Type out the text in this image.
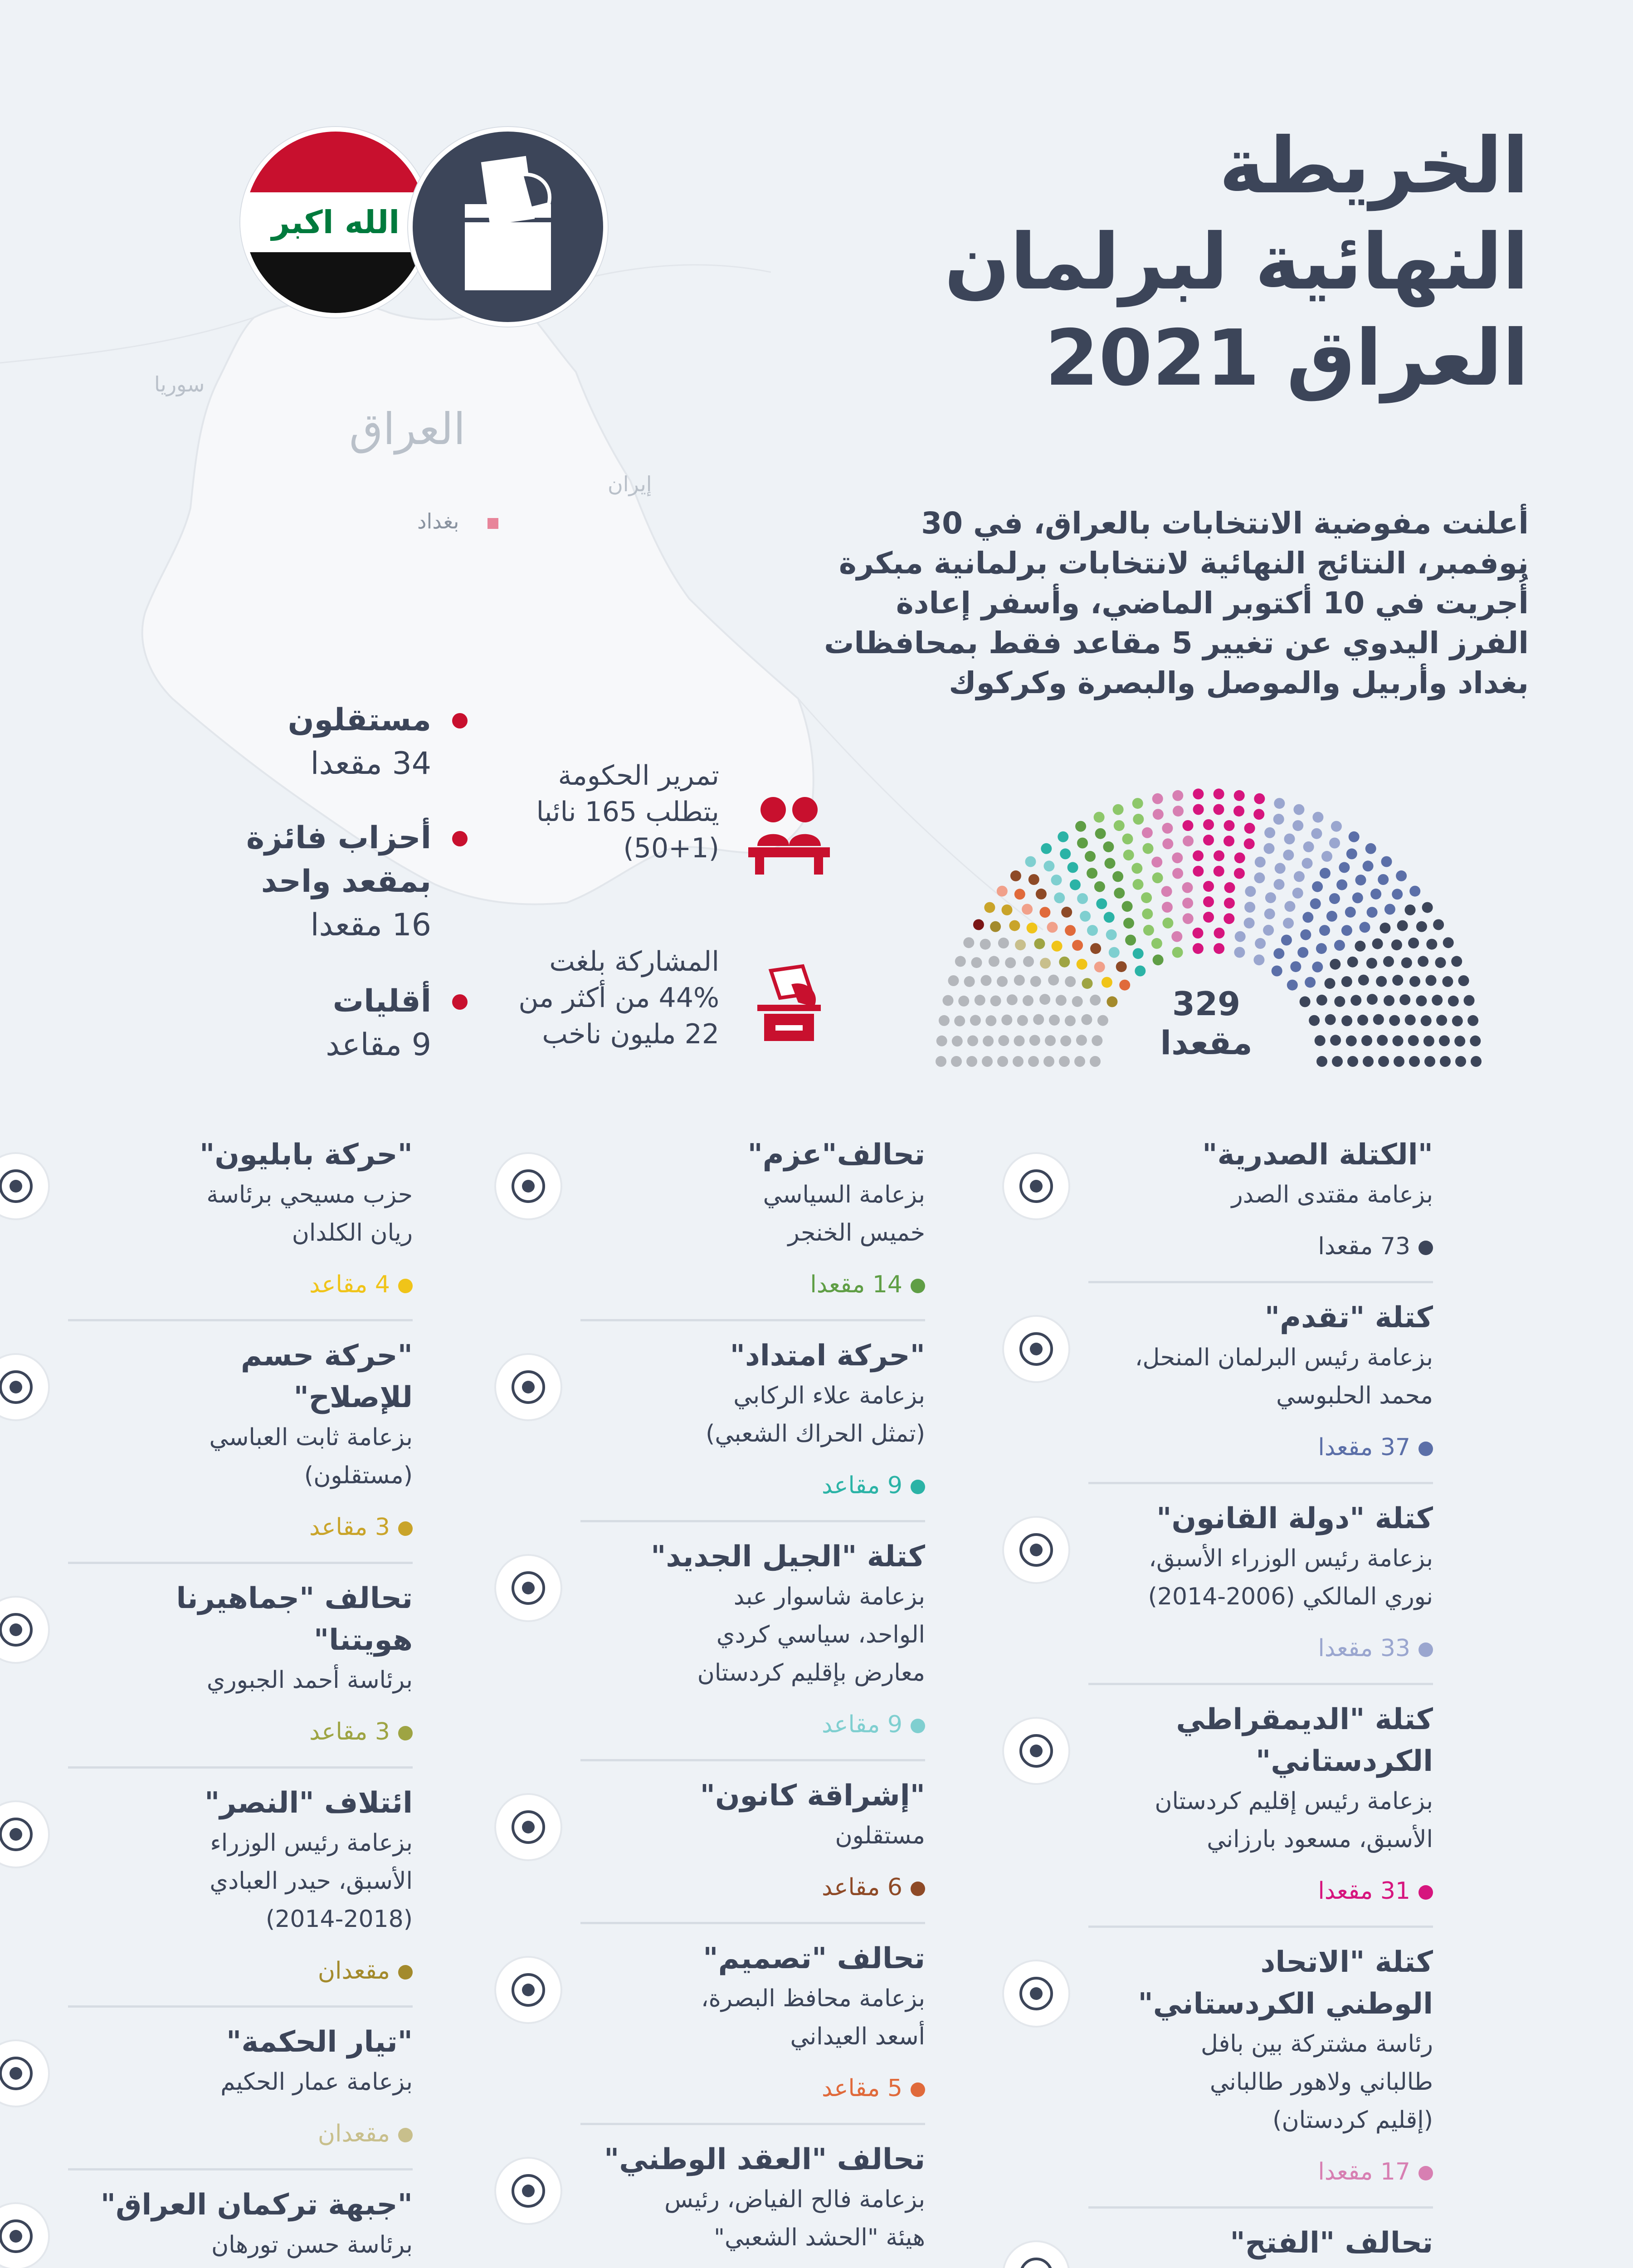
العراق
سوريا
إيران
بغداد
الله اكبر
الخريطة
النهائية لبرلمان
العراق 2021
أعلنت مفوضية الانتخابات بالعراق، في 30
نوفمبر، النتائج النهائية لانتخابات برلمانية مبكرة
أُجريت في 10 أكتوبر الماضي، وأسفر إعادة
الفرز اليدوي عن تغيير 5 مقاعد فقط بمحافظات
بغداد وأربيل والموصل والبصرة وكركوك
مستقلون
34 مقعدا
أحزاب فائزة
بمقعد واحد
16 مقعدا
أقليات
9 مقاعد
تمرير الحكومة
يتطلب 165 نائبا
(50+1)
المشاركة بلغت
44% من أكثر من
22 مليون ناخب
329
مقعدا
"الكتلة الصدرية"
بزعامة مقتدى الصدر
73 مقعدا
كتلة "تقدم"
بزعامة رئيس البرلمان المنحل،
محمد الحلبوسي
37 مقعدا
كتلة "دولة القانون"
بزعامة رئيس الوزراء الأسبق،
نوري المالكي (2006-2014)
33 مقعدا
كتلة "الديمقراطي
الكردستاني"
بزعامة رئيس إقليم كردستان
الأسبق، مسعود بارزاني
31 مقعدا
كتلة "الاتحاد
الوطني الكردستاني"
رئاسة مشتركة بين بافل
طالباني ولاهور طالباني
(إقليم كردستان)
17 مقعدا
تحالف "الفتح"
تحالف"عزم"
بزعامة السياسي
خميس الخنجر
14 مقعدا
"حركة امتداد"
بزعامة علاء الركابي
(تمثل الحراك الشعبي)
9 مقاعد
كتلة "الجيل الجديد"
بزعامة شاسوار عبد
الواحد، سياسي كردي
معارض بإقليم كردستان
9 مقاعد
"إشراقة كانون"
مستقلون
6 مقاعد
تحالف "تصميم"
بزعامة محافظ البصرة،
أسعد العيداني
5 مقاعد
تحالف "العقد الوطني"
بزعامة فالح الفياض، رئيس
هيئة "الحشد الشعبي"
"حركة بابليون"
حزب مسيحي برئاسة
ريان الكلدان
4 مقاعد
"حركة حسم
للإصلاح"
بزعامة ثابت العباسي
(مستقلون)
3 مقاعد
تحالف "جماهيرنا
هويتنا"
برئاسة أحمد الجبوري
3 مقاعد
ائتلاف "النصر"
بزعامة رئيس الوزراء
الأسبق، حيدر العبادي
(2014-2018)
مقعدان
"تيار الحكمة"
بزعامة عمار الحكيم
مقعدان
"جبهة تركمان العراق"
برئاسة حسن تورهان
